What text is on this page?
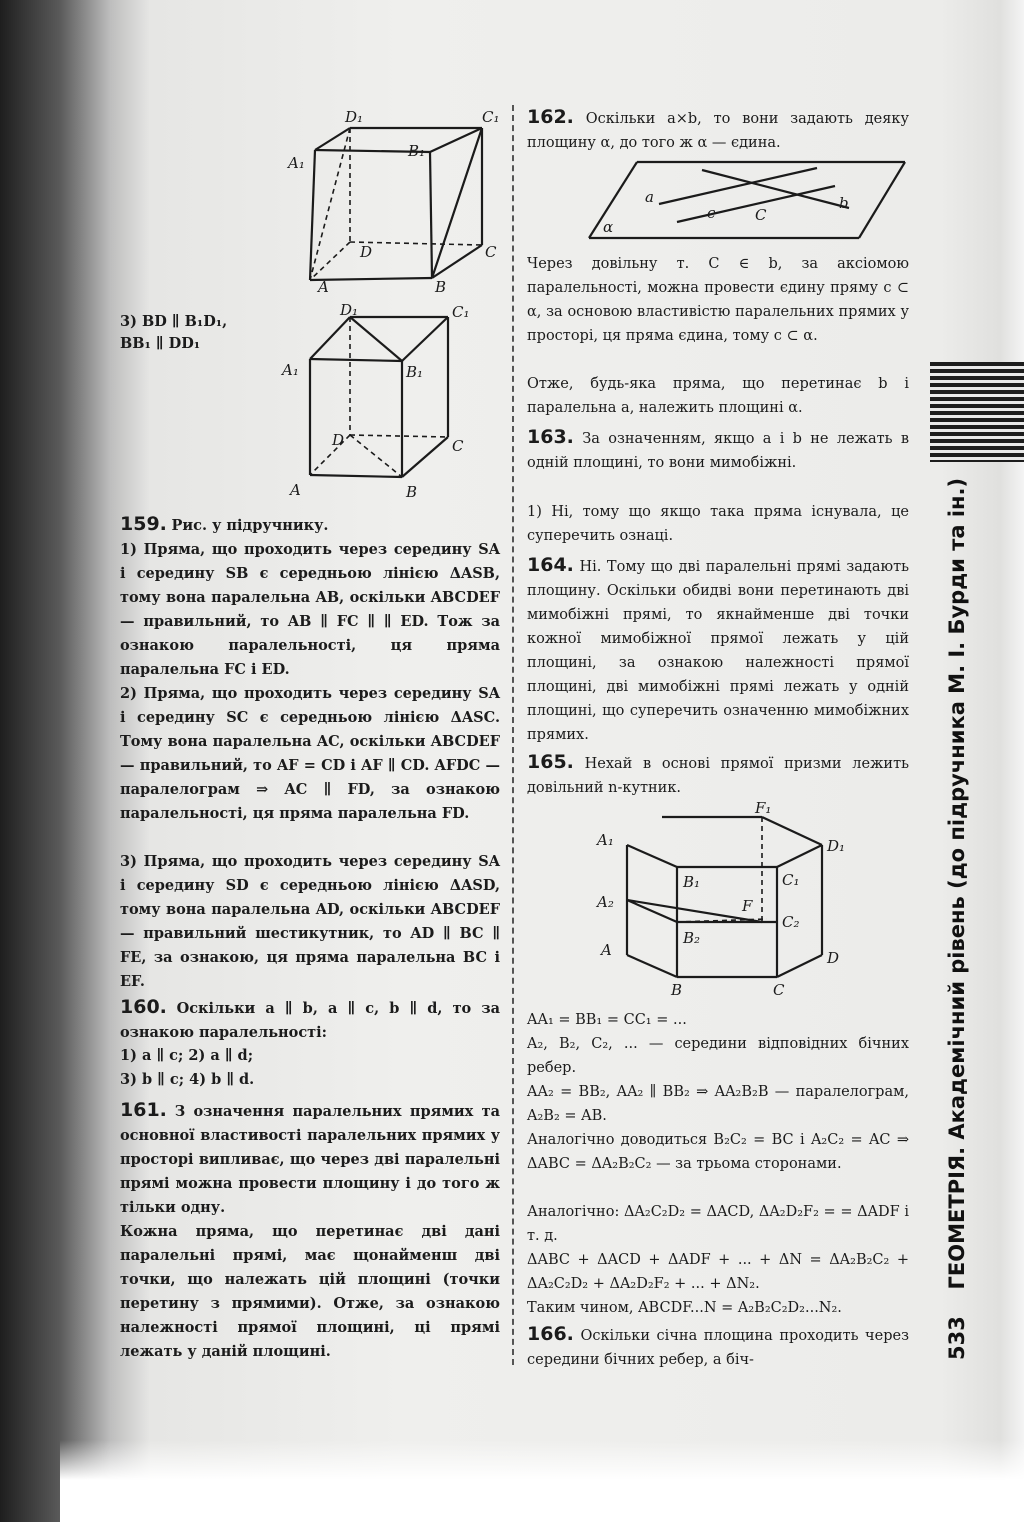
D₁	C₁
A₁
B₁
D	C
A	B

3) BD ∥ B₁D₁,

BB₁ ∥ DD₁

D₁	C₁
A₁	B₁
D	C
A	B

159. Рис. у підручнику.

1) Пряма, що проходить через середину SA і середину SB є середньою лінією ΔASB, тому вона паралельна AB, оскільки ABCDEF — правильний, то AB ∥ FC ∥ ∥ ED. Тож за ознакою паралельності, ця пряма паралельна FC і ED.

2) Пряма, що проходить через середину SA і середину SC є середньою лінією ΔASC. Тому вона паралельна AC, оскільки ABCDEF — правильний, то AF = CD і AF ∥ CD. AFDC — паралелограм ⇒ AC ∥ FD, за ознакою паралельності, ця пряма паралельна FD.

3) Пряма, що проходить через середину SA і середину SD є середньою лінією ΔASD, тому вона паралельна AD, оскільки ABCDEF — правильний шестикутник, то AD ∥ BC ∥ FE, за ознакою, ця пряма паралельна BC і EF.

160. Оскільки a ∥ b, a ∥ c, b ∥ d, то за ознакою паралельності:

1) a ∥ c; 2) a ∥ d;

3) b ∥ c; 4) b ∥ d.

161. З означення паралельних прямих та основної властивості паралельних прямих у просторі випливає, що через дві паралельні прямі можна провести площину і до того ж тільки одну.

Кожна пряма, що перетинає дві дані паралельні прямі, має щонайменш дві точки, що належать цій площині (точки перетину з прямими). Отже, за ознакою належності прямої площині, ці прямі лежать у даній площині.

162. Оскільки a×b, то вони задають деяку площину α, до того ж α — єдина.

a	b
c	C
α

Через довільну т. C ∈ b, за аксіомою паралельності, можна провести єдину пряму c ⊂ α, за основою властивістю паралельних прямих у просторі, ця пряма єдина, тому c ⊂ α.

Отже, будь-яка пряма, що перетинає b і паралельна a, належить площині α.

163. За означенням, якщо a і b не лежать в одній площині, то вони мимобіжні.

1) Ні, тому що якщо така пряма існувала, це суперечить ознаці.

164. Ні. Тому що дві паралельні прямі задають площину. Оскільки обидві вони перетинають дві мимобіжні прямі, то якнайменше дві точки кожної мимобіжної прямої лежать у цій площині, за ознакою належності прямої площині, дві мимобіжні прямі лежать у одній площині, що суперечить означенню мимобіжних прямих.

165. Нехай в основі прямої призми лежить довільний n-кутник.

F₁
A₁	D₁
B₁	C₁
A₂	F
C₂
B₂
A	D
B	C

AA₁ = BB₁ = CC₁ = ...

A₂, B₂, C₂, ... — середини відповідних бічних ребер.

AA₂ = BB₂, AA₂ ∥ BB₂ ⇒ AA₂B₂B — паралелограм, A₂B₂ = AB.

Аналогічно доводиться B₂C₂ = BC і A₂C₂ = AC ⇒ ΔABC = ΔA₂B₂C₂ — за трьома сторонами.

Аналогічно: ΔA₂C₂D₂ = ΔACD, ΔA₂D₂F₂ = = ΔADF і т. д.

ΔABC + ΔACD + ΔADF + ... + ΔN = ΔA₂B₂C₂ + ΔA₂C₂D₂ + ΔA₂D₂F₂ + ... + ΔN₂.

Таким чином, ABCDF...N = A₂B₂C₂D₂...N₂.

166. Оскільки січна площина проходить через середини бічних ребер, а біч-	533    ГЕОМЕТРІЯ. Академічний рівень (до підручника М. І. Бурди та ін.)
